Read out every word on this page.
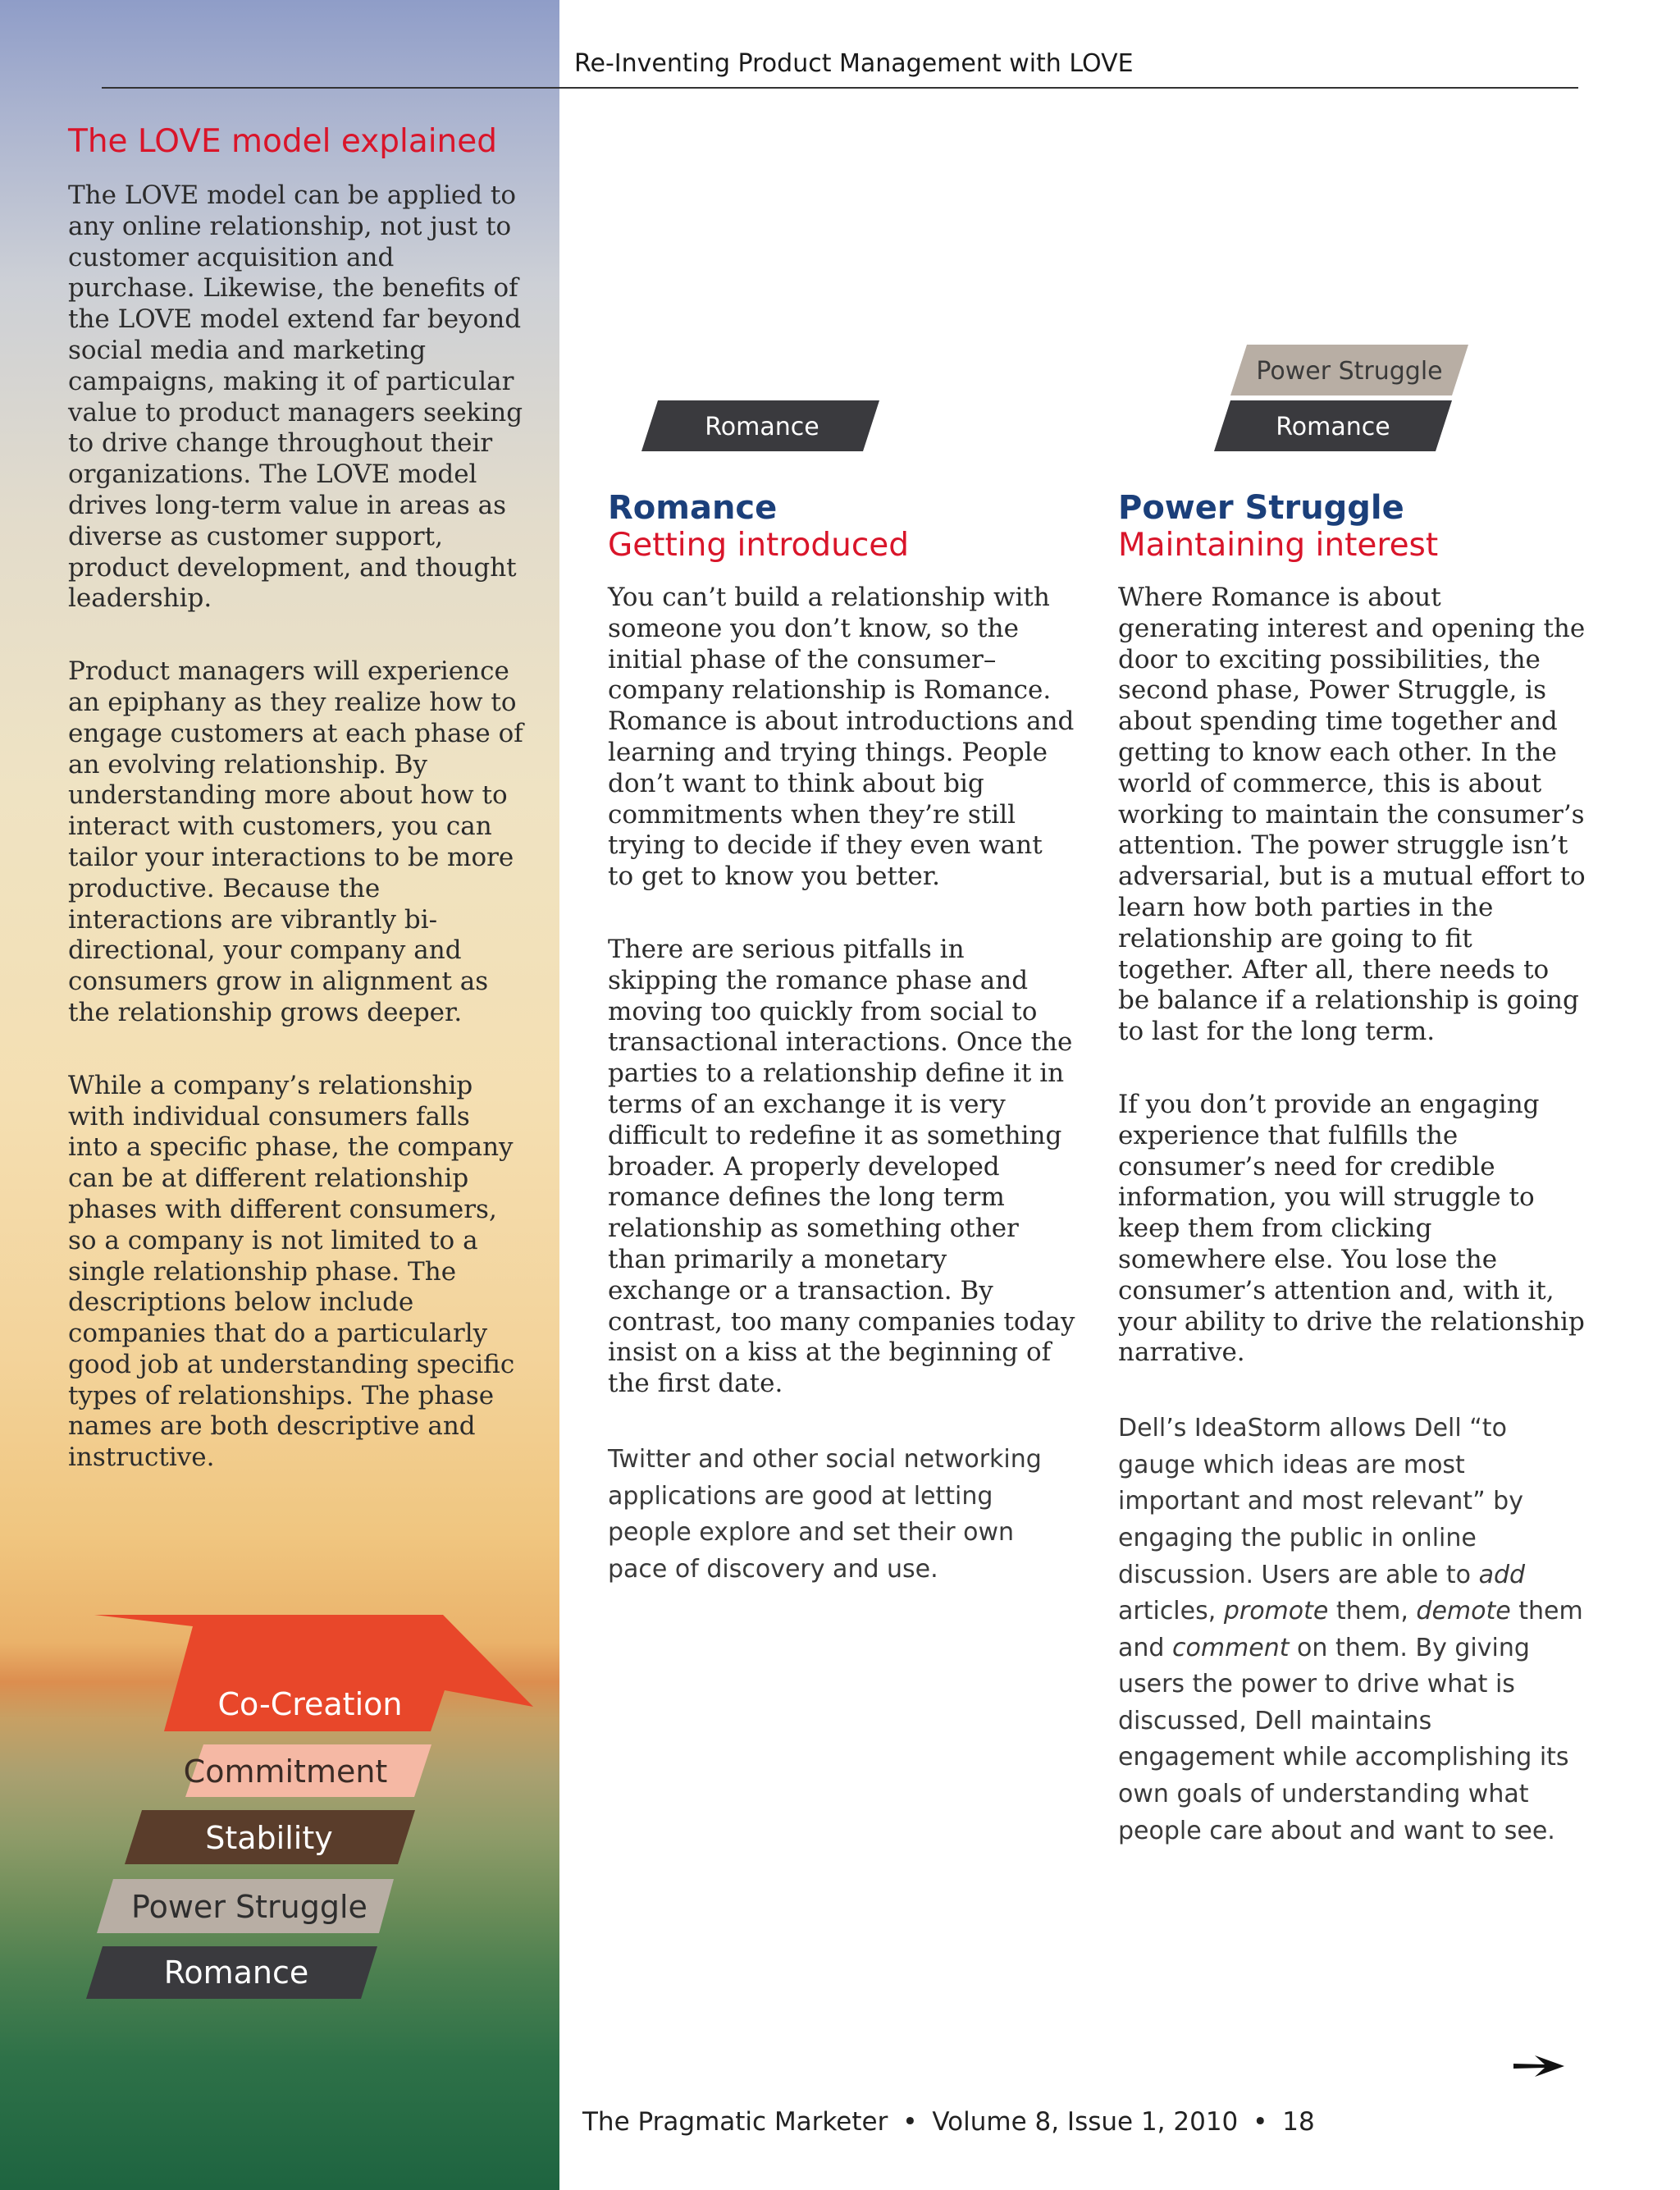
Re-Inventing Product Management with LOVE
The LOVE model explained

The LOVE model can be applied to any online relationship, not just to customer acquisition and purchase. Likewise, the benefits of the LOVE model extend far beyond social media and marketing campaigns, making it of particular value to product managers seeking to drive change throughout their organizations. The LOVE model drives long-term value in areas as diverse as customer support, product development, and thought leadership.

Product managers will experience an epiphany as they realize how to engage customers at each phase of an evolving relationship. By understanding more about how to interact with customers, you can tailor your interactions to be more productive. Because the interactions are vibrantly bi-directional, your company and consumers grow in alignment as the relationship grows deeper.

While a company’s relationship with individual consumers falls into a specific phase, the company can be at different relationship phases with different consumers, so a company is not limited to a single relationship phase. The descriptions below include companies that do a particularly good job at understanding specific types of relationships. The phase names are both descriptive and instructive.

Co-Creation
Commitment
Stability
Power Struggle
Romance
Romance
Power Struggle
Romance
Romance
Getting introduced

You can’t build a relationship with someone you don’t know, so the initial phase of the consumer–company relationship is Romance. Romance is about introductions and learning and trying things. People don’t want to think about big commitments when they’re still trying to decide if they even want to get to know you better.

There are serious pitfalls in skipping the romance phase and moving too quickly from social to transactional interactions. Once the parties to a relationship define it in terms of an exchange it is very difficult to redefine it as something broader. A properly developed romance defines the long term relationship as something other than primarily a monetary exchange or a transaction. By contrast, too many companies today insist on a kiss at the beginning of the first date.

Twitter and other social networking applications are good at letting people explore and set their own pace of discovery and use.

Power Struggle
Maintaining interest

Where Romance is about generating interest and opening the door to exciting possibilities, the second phase, Power Struggle, is about spending time together and getting to know each other. In the world of commerce, this is about working to maintain the consumer’s attention. The power struggle isn’t adversarial, but is a mutual effort to learn how both parties in the relationship are going to fit together. After all, there needs to be balance if a relationship is going to last for the long term.

If you don’t provide an engaging experience that fulfills the consumer’s need for credible information, you will struggle to keep them from clicking somewhere else. You lose the consumer’s attention and, with it, your ability to drive the relationship narrative.

Dell’s IdeaStorm allows Dell “to gauge which ideas are most important and most relevant” by engaging the public in online discussion. Users are able to add articles, promote them, demote them and comment on them. By giving users the power to drive what is discussed, Dell maintains engagement while accomplishing its own goals of understanding what people care about and want to see.

The Pragmatic Marketer • Volume 8, Issue 1, 2010 • 18
